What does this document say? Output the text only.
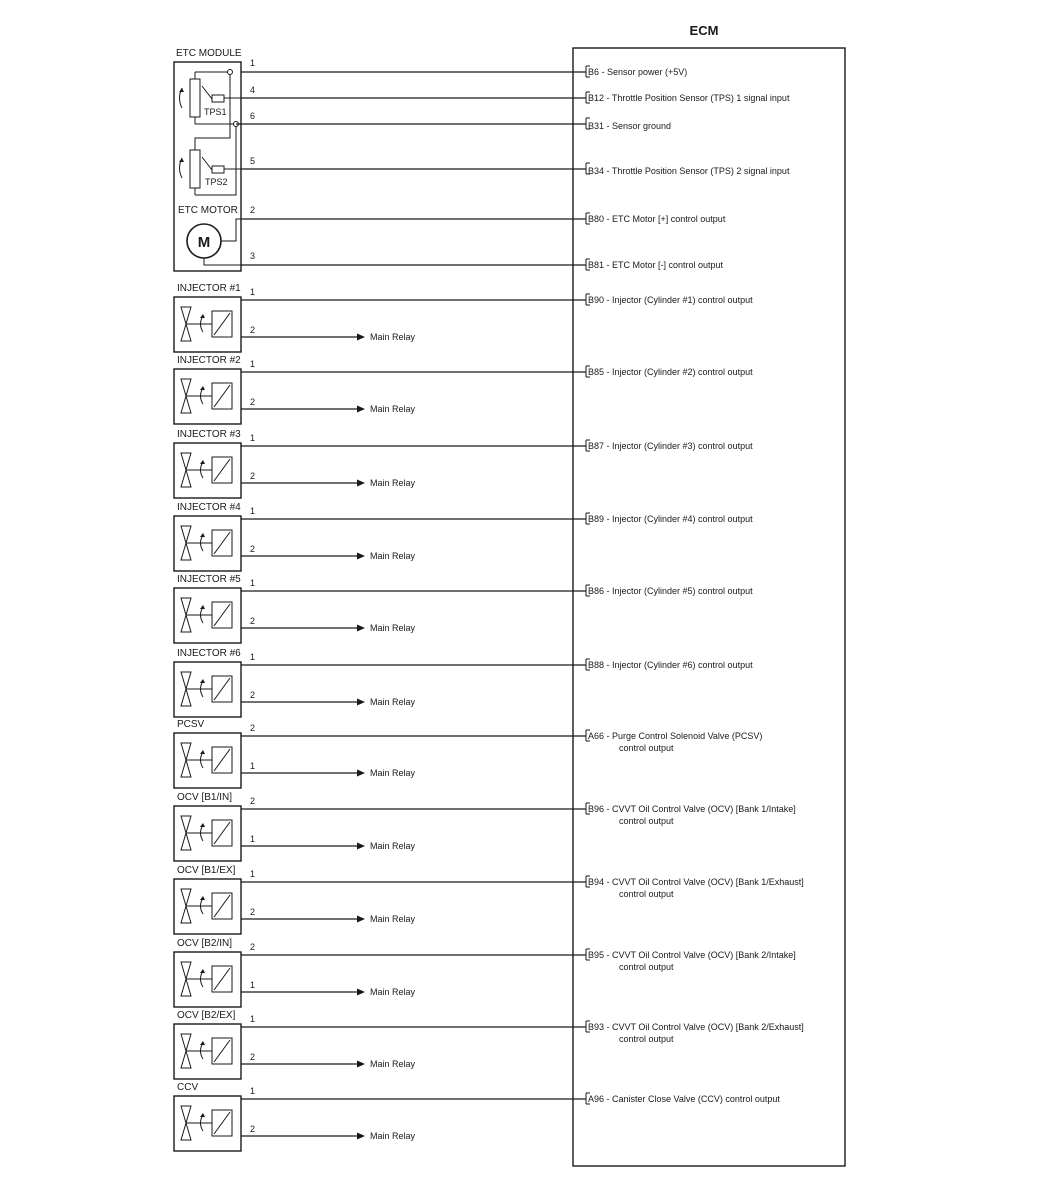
ECM
ETC MODULE
TPS1
TPS2
ETC MOTOR
M
1
B6 - Sensor power (+5V)
4
B12 - Throttle Position Sensor (TPS) 1 signal input
6
B31 - Sensor ground
5
B34 - Throttle Position Sensor (TPS) 2 signal input
2
B80 - ETC Motor [+] control output
3
B81 - ETC Motor [-] control output
INJECTOR #1 1
B90 - Injector (Cylinder #1) control output
2
Main Relay
INJECTOR #2 1
B85 - Injector (Cylinder #2) control output
2
Main Relay
INJECTOR #3 1
B87 - Injector (Cylinder #3) control output
2
Main Relay
INJECTOR #4 1
B89 - Injector (Cylinder #4) control output
2
Main Relay
INJECTOR #5 1
B86 - Injector (Cylinder #5) control output
2
Main Relay
INJECTOR #6 1
B88 - Injector (Cylinder #6) control output
2
Main Relay
PCSV	2
A66 - Purge Control Solenoid Valve (PCSV)
control output
1
Main Relay
OCV [B1/IN] 2
B96 - CVVT Oil Control Valve (OCV) [Bank 1/Intake]
control output
1
Main Relay
OCV [B1/EX] 1
B94 - CVVT Oil Control Valve (OCV) [Bank 1/Exhaust]
control output
2
Main Relay
OCV [B2/IN] 2
B95 - CVVT Oil Control Valve (OCV) [Bank 2/Intake]
control output
1
Main Relay
OCV [B2/EX] 1
B93 - CVVT Oil Control Valve (OCV) [Bank 2/Exhaust]
control output
2
Main Relay
CCV	1
A96 - Canister Close Valve (CCV) control output
2
Main Relay
